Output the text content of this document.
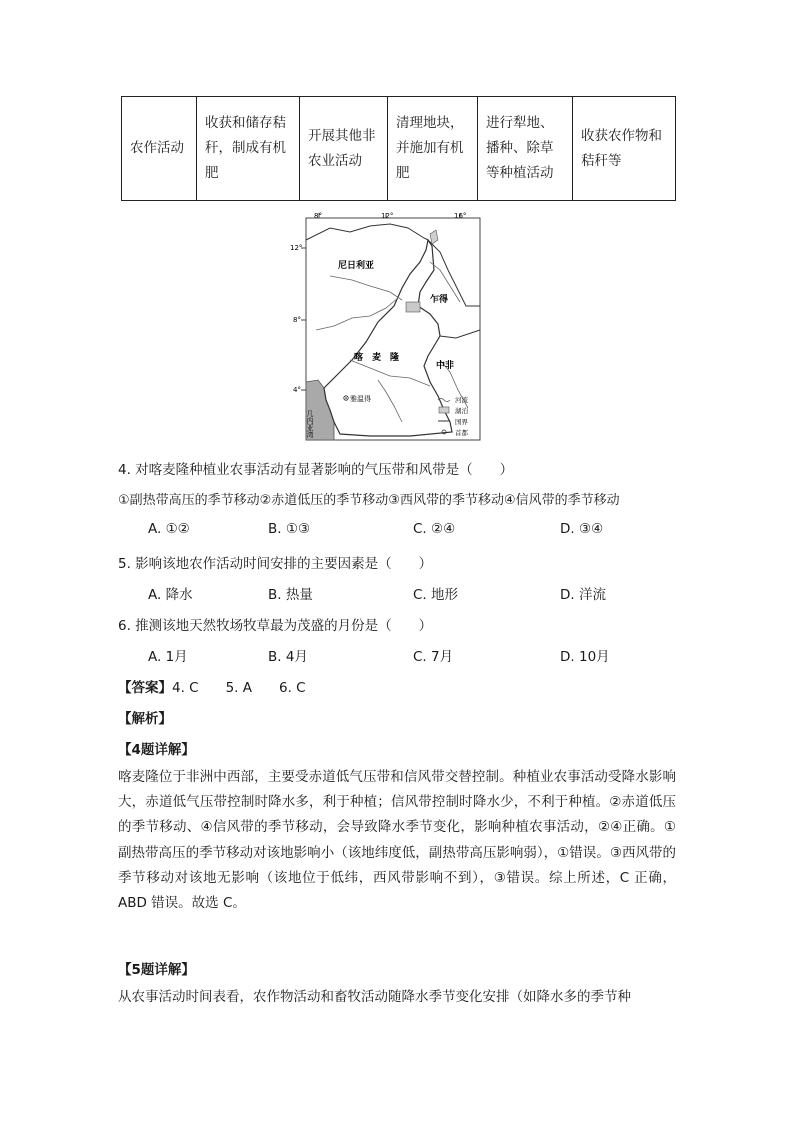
农作活动	收获和储存秸秆，制成有机肥	开展其他非农业活动	清理地块，并施加有机肥	进行犁地、播种、除草等种植活动	收获农作物和秸秆等
8°	12°	16°
12°
8°
4°
尼日利亚
乍得
喀　麦　隆
中非
几内亚湾
雅温得	河流
湖泊
国界
首都
4. 对喀麦隆种植业农事活动有显著影响的气压带和风带是（　　）
①副热带高压的季节移动②赤道低压的季节移动③西风带的季节移动④信风带的季节移动
A. ①②	B. ①③	C. ②④	D. ③④
5. 影响该地农作活动时间安排的主要因素是（　　）
A. 降水	B. 热量	C. 地形	D. 洋流
6. 推测该地天然牧场牧草最为茂盛的月份是（　　）
A. 1月	B. 4月	C. 7月	D. 10月
【答案】4. C　　5. A　　6. C
【解析】
【4题详解】
喀麦隆位于非洲中西部，主要受赤道低气压带和信风带交替控制。种植业农事活动受降水影响大，赤道低气压带控制时降水多，利于种植；信风带控制时降水少，不利于种植。②赤道低压的季节移动、④信风带的季节移动，会导致降水季节变化，影响种植农事活动，②④正确。①副热带高压的季节移动对该地影响小（该地纬度低，副热带高压影响弱），①错误。③西风带的季节移动对该地无影响（该地位于低纬，西风带影响不到），③错误。综上所述，C 正确，ABD 错误。故选 C。
【5题详解】
从农事活动时间表看，农作物活动和畜牧活动随降水季节变化安排（如降水多的季节种
